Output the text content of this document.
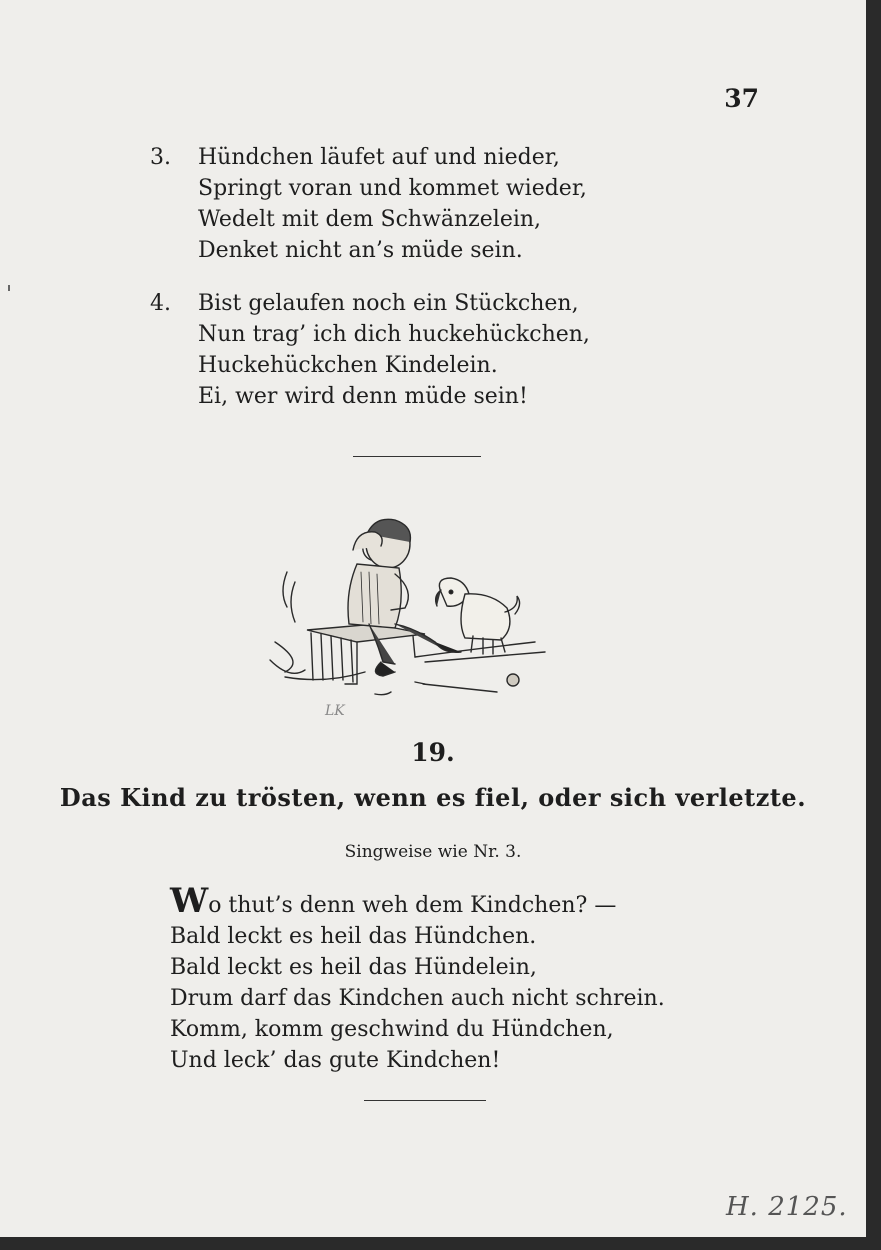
37
3.	Hündchen läufet auf und nieder,
Springt voran und kommet wieder,
Wedelt mit dem Schwänzelein,
Denket nicht an’s müde sein.
4.	Bist gelaufen noch ein Stückchen,
Nun trag’ ich dich huckehückchen,
Huckehückchen Kindelein.
Ei, wer wird denn müde sein!
LK
19.
Das Kind zu trösten, wenn es fiel, oder sich verletzte.
Singweise wie Nr. 3.
Wo thut’s denn weh dem Kindchen? —
Bald leckt es heil das Hündchen.
Bald leckt es heil das Hündelein,
Drum darf das Kindchen auch nicht schrein.
Komm, komm geschwind du Hündchen,
Und leck’ das gute Kindchen!
H. 2125.
